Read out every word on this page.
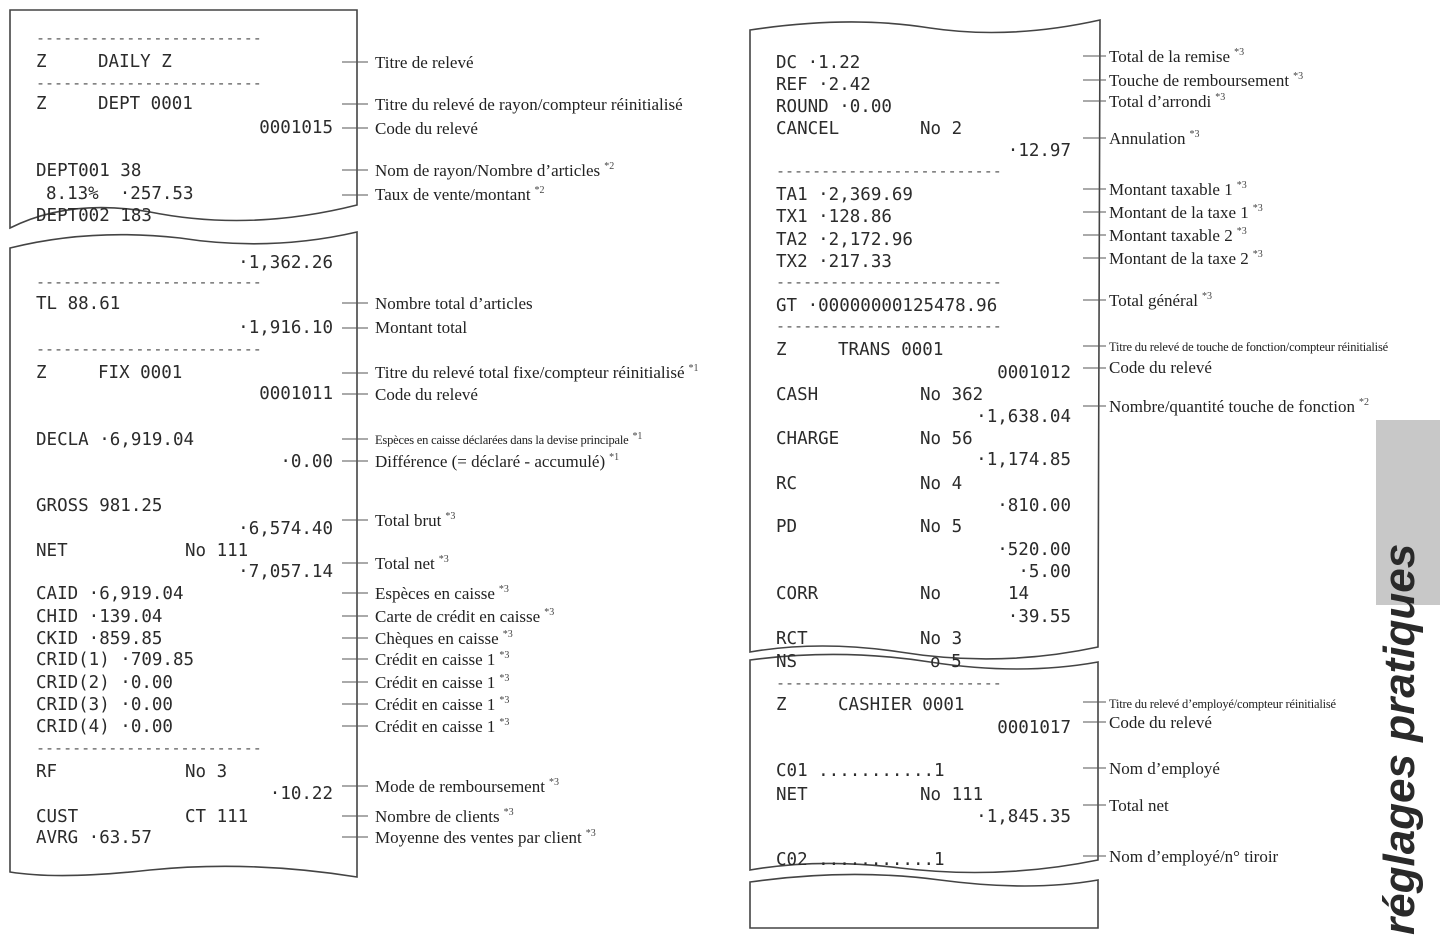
-------------------------
Z	DAILY Z
-------------------------
Z	DEPT 0001
0001015
DEPT001 38
8.13%  ·257.53
DEPT002 183
·1,362.26
-------------------------
TL 88.61
·1,916.10
-------------------------
Z	FIX 0001
0001011
DECLA ·6,919.04
·0.00
GROSS 981.25
·6,574.40
NET	No 111
·7,057.14
CAID ·6,919.04
CHID ·139.04
CKID ·859.85
CRID(1) ·709.85
CRID(2) ·0.00
CRID(3) ·0.00
CRID(4) ·0.00
-------------------------
RF	No 3
·10.22
CUST	CT 111
AVRG ·63.57
Titre de relevé
Titre du relevé de rayon/compteur réinitialisé
Code du relevé
Nom de rayon/Nombre d’articles $^{*2}$
Taux de vente/montant $^{*2}$
Nombre total d’articles
Montant total
Titre du relevé total fixe/compteur réinitialisé $^{*1}$
Code du relevé
Espèces en caisse déclarées dans la devise principale $^{*1}$
Différence (= déclaré - accumulé) $^{*1}$
Total brut $^{*3}$
Total net $^{*3}$
Espèces en caisse $^{*3}$
Carte de crédit en caisse $^{*3}$
Chèques en caisse $^{*3}$
Crédit en caisse 1 $^{*3}$
Crédit en caisse 1 $^{*3}$
Crédit en caisse 1 $^{*3}$
Crédit en caisse 1 $^{*3}$
Mode de remboursement $^{*3}$
Nombre de clients $^{*3}$
Moyenne des ventes par client $^{*3}$
DC ·1.22
REF ·2.42
ROUND ·0.00
CANCEL	No 2
·12.97
-------------------------
TA1 ·2,369.69
TX1 ·128.86
TA2 ·2,172.96
TX2 ·217.33
-------------------------
GT ·00000000125478.96
-------------------------
Z	TRANS 0001
0001012
CASH	No 362
·1,638.04
CHARGE	No 56
·1,174.85
RC	No 4
·810.00
PD	No 5
·520.00
·5.00
CORR	No	14
·39.55
RCT	No 3
NS	o 5
-------------------------
Z	CASHIER 0001
0001017
C01 ...........1
NET	No 111
·1,845.35
C02 ...........1
Total de la remise $^{*3}$
Touche de remboursement $^{*3}$
Total d’arrondi $^{*3}$
Annulation $^{*3}$
Montant taxable 1 $^{*3}$
Montant de la taxe 1 $^{*3}$
Montant taxable 2 $^{*3}$
Montant de la taxe 2 $^{*3}$
Total général $^{*3}$
Titre du relevé de touche de fonction/compteur réinitialisé
Code du relevé
Nombre/quantité touche de fonction $^{*2}$
Titre du relevé d’employé/compteur réinitialisé
Code du relevé
Nom d’employé
Total net
Nom d’employé/n° tiroir réglages pratiques
